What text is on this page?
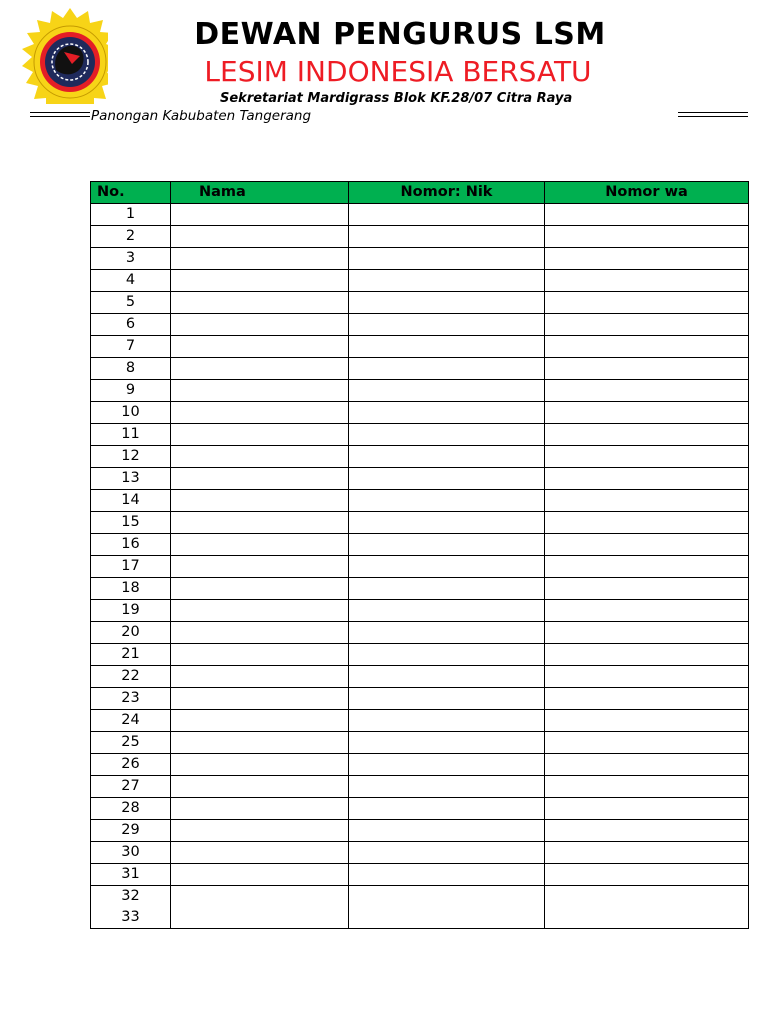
DEWAN PENGURUS LSM
LESIM INDONESIA BERSATU
Sekretariat Mardigrass Blok KF.28/07 Citra Raya
Panongan Kabubaten Tangerang
No.	Nama	Nomor: Nik	Nomor wa
1			
2			
3			
4			
5			
6			
7			
8			
9			
10			
11			
12			
13			
14			
15			
16			
17			
18			
19			
20			
21			
22			
23			
24			
25			
26			
27			
28			
29			
30			
31			

32
33			
